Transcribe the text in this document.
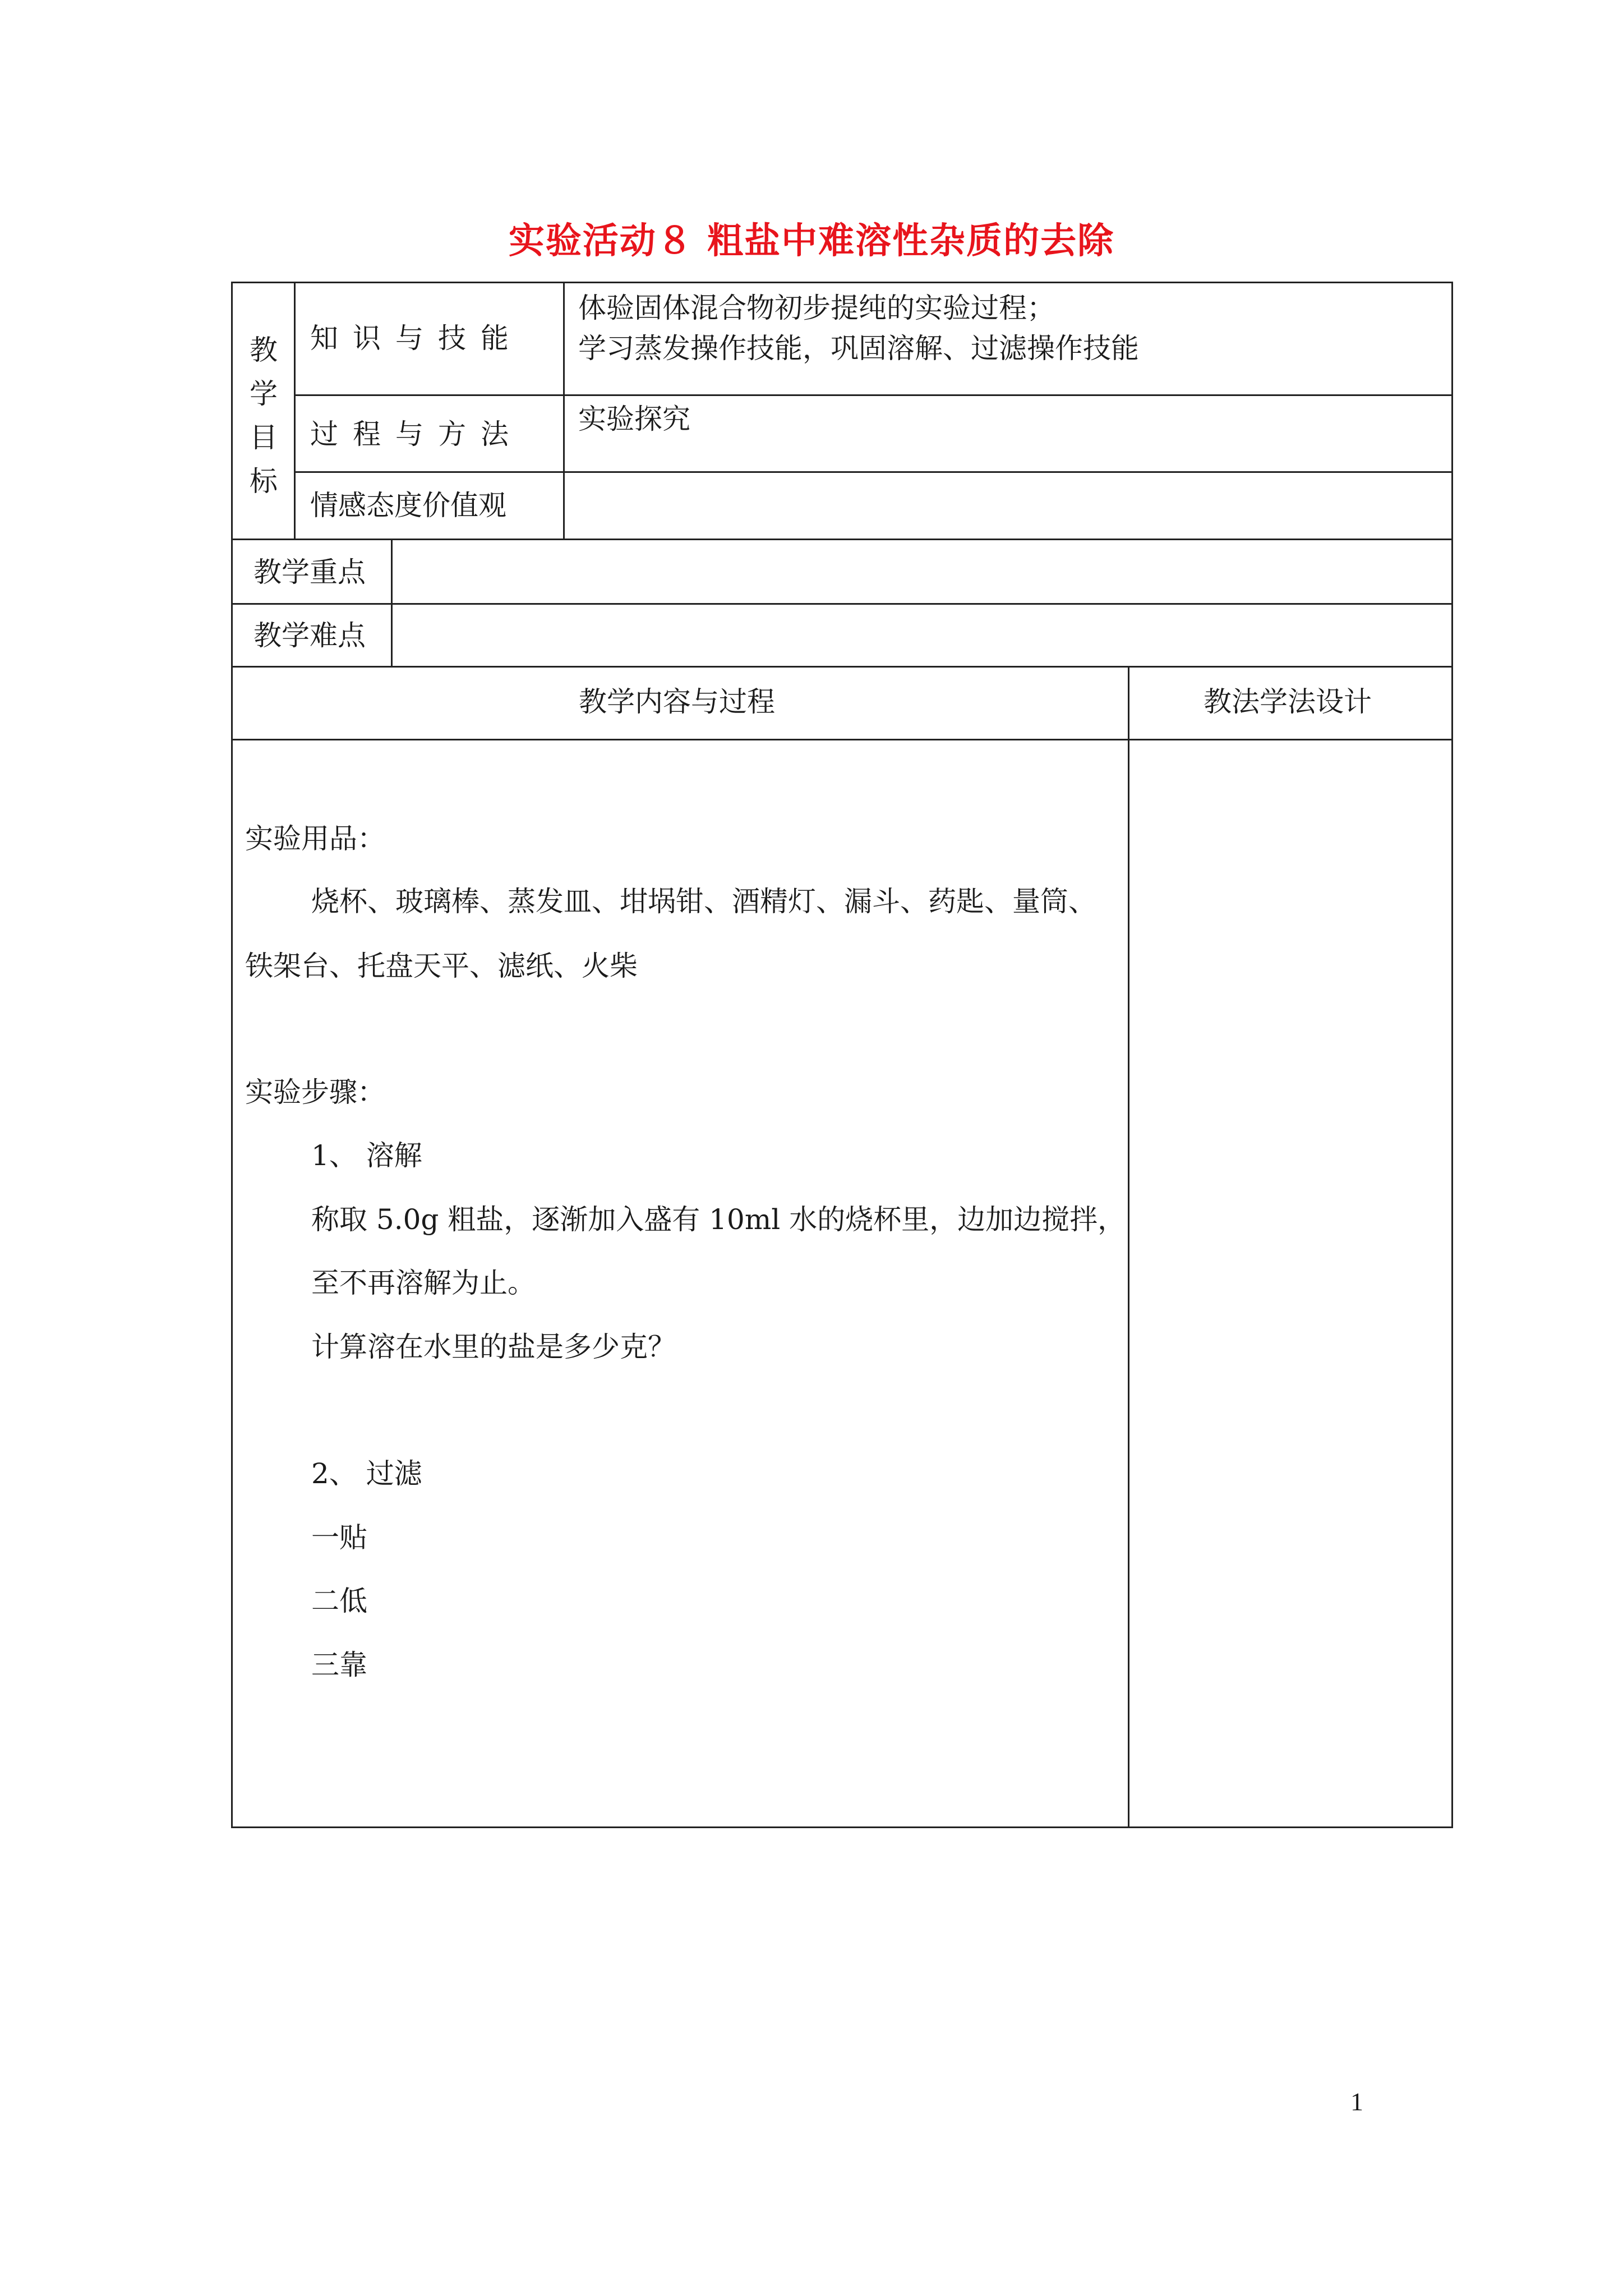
实验活动８ 粗盐中难溶性杂质的去除
教
学
目
标
知识与技能
体验固体混合物初步提纯的实验过程；
学习蒸发操作技能，巩固溶解、过滤操作技能
过程与方法 实验探究
情感态度价值观
教学重点
教学难点
教学内容与过程	教法学法设计
实验用品：
烧杯、玻璃棒、蒸发皿、坩埚钳、酒精灯、漏斗、药匙、量筒、
铁架台、托盘天平、滤纸、火柴
实验步骤：
1、 溶解
称取 5.0g 粗盐，逐渐加入盛有 10ml 水的烧杯里，边加边搅拌，
至不再溶解为止。
计算溶在水里的盐是多少克？
2、 过滤
一贴
二低
三靠
1
